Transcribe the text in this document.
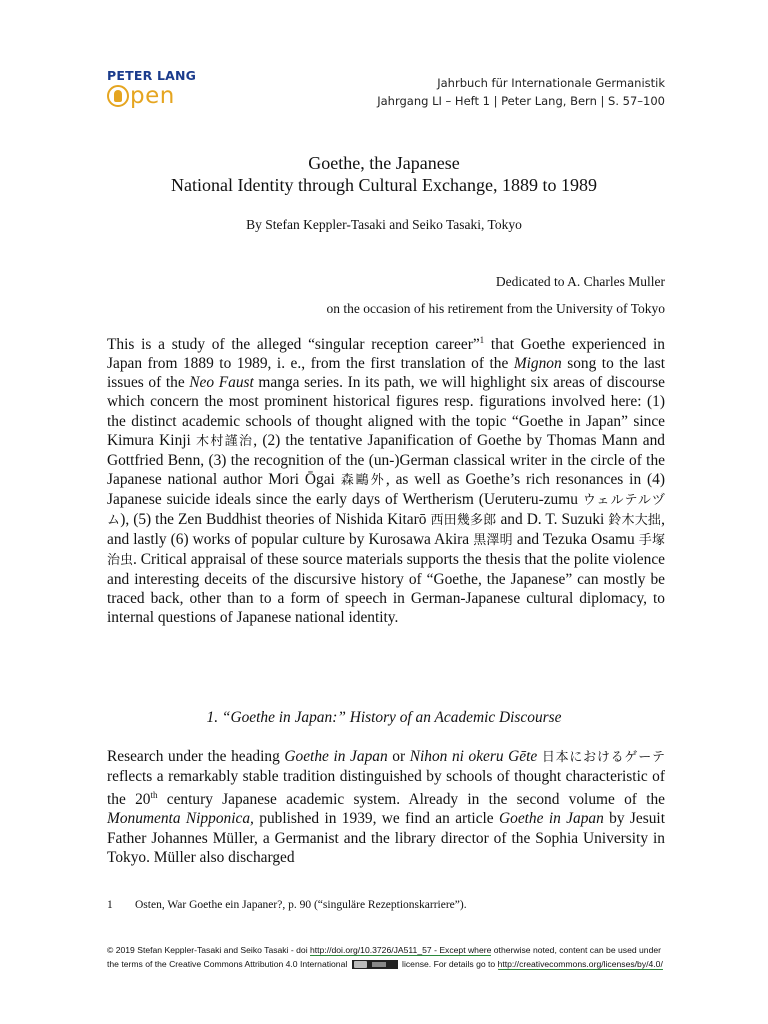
PETER LANG
pen	Jahrbuch für Internationale Germanistik
Jahrgang LI – Heft 1 | Peter Lang, Bern | S. 57–100
Goethe, the Japanese
National Identity through Cultural Exchange, 1889 to 1989
By Stefan Keppler-Tasaki and Seiko Tasaki, Tokyo
Dedicated to A. Charles Muller
on the occasion of his retirement from the University of Tokyo

This is a study of the alleged “singular reception career”$^1$ that Goethe experienced in Japan from 1889 to 1989, i. e., from the first translation of the Mignon song to the last issues of the Neo Faust manga series. In its path, we will highlight six areas of discourse which concern the most prominent historical figures resp. figurations involved here: (1) the distinct academic schools of thought aligned with the topic “Goethe in Japan” since Kimura Kinji 木村謹治, (2) the tentative Japanification of Goethe by Thomas Mann and Gottfried Benn, (3) the recognition of the (un-)German classical writer in the circle of the Japanese national author Mori Ōgai 森鷗外, as well as Goethe’s rich resonances in (4) Japanese suicide ideals since the early days of Wertherism (Ueruteru-zumu ウェルテルヅム), (5) the Zen Buddhist theories of Nishida Kitarō 西田幾多郎 and D. T. Suzuki 鈴木大拙, and lastly (6) works of popular culture by Kurosawa Akira 黒澤明 and Tezuka Osamu 手塚治虫. Critical appraisal of these source materials supports the thesis that the polite violence and interesting deceits of the discursive history of “Goethe, the Japanese” can mostly be traced back, other than to a form of speech in German-Japanese cultural diplomacy, to internal questions of Japanese national identity.

1. “Goethe in Japan:” History of an Academic Discourse

Research under the heading Goethe in Japan or Nihon ni okeru Gēte 日本におけるゲーテ reflects a remarkably stable tradition distinguished by schools of thought characteristic of the 20th century Japanese academic system. Already in the second volume of the Monumenta Nipponica, published in 1939, we find an article Goethe in Japan by Jesuit Father Johannes Müller, a Germanist and the library director of the Sophia University in Tokyo. Müller also discharged

1 Osten, War Goethe ein Japaner?, p. 90 (“singuläre Rezeptionskarriere”).
© 2019 Stefan Keppler-Tasaki and Seiko Tasaki - doi http://doi.org/10.3726/JA511_57 - Except where otherwise noted, content can be used under
the terms of the Creative Commons Attribution 4.0 International	license. For details go to http://creativecommons.org/licenses/by/4.0/
